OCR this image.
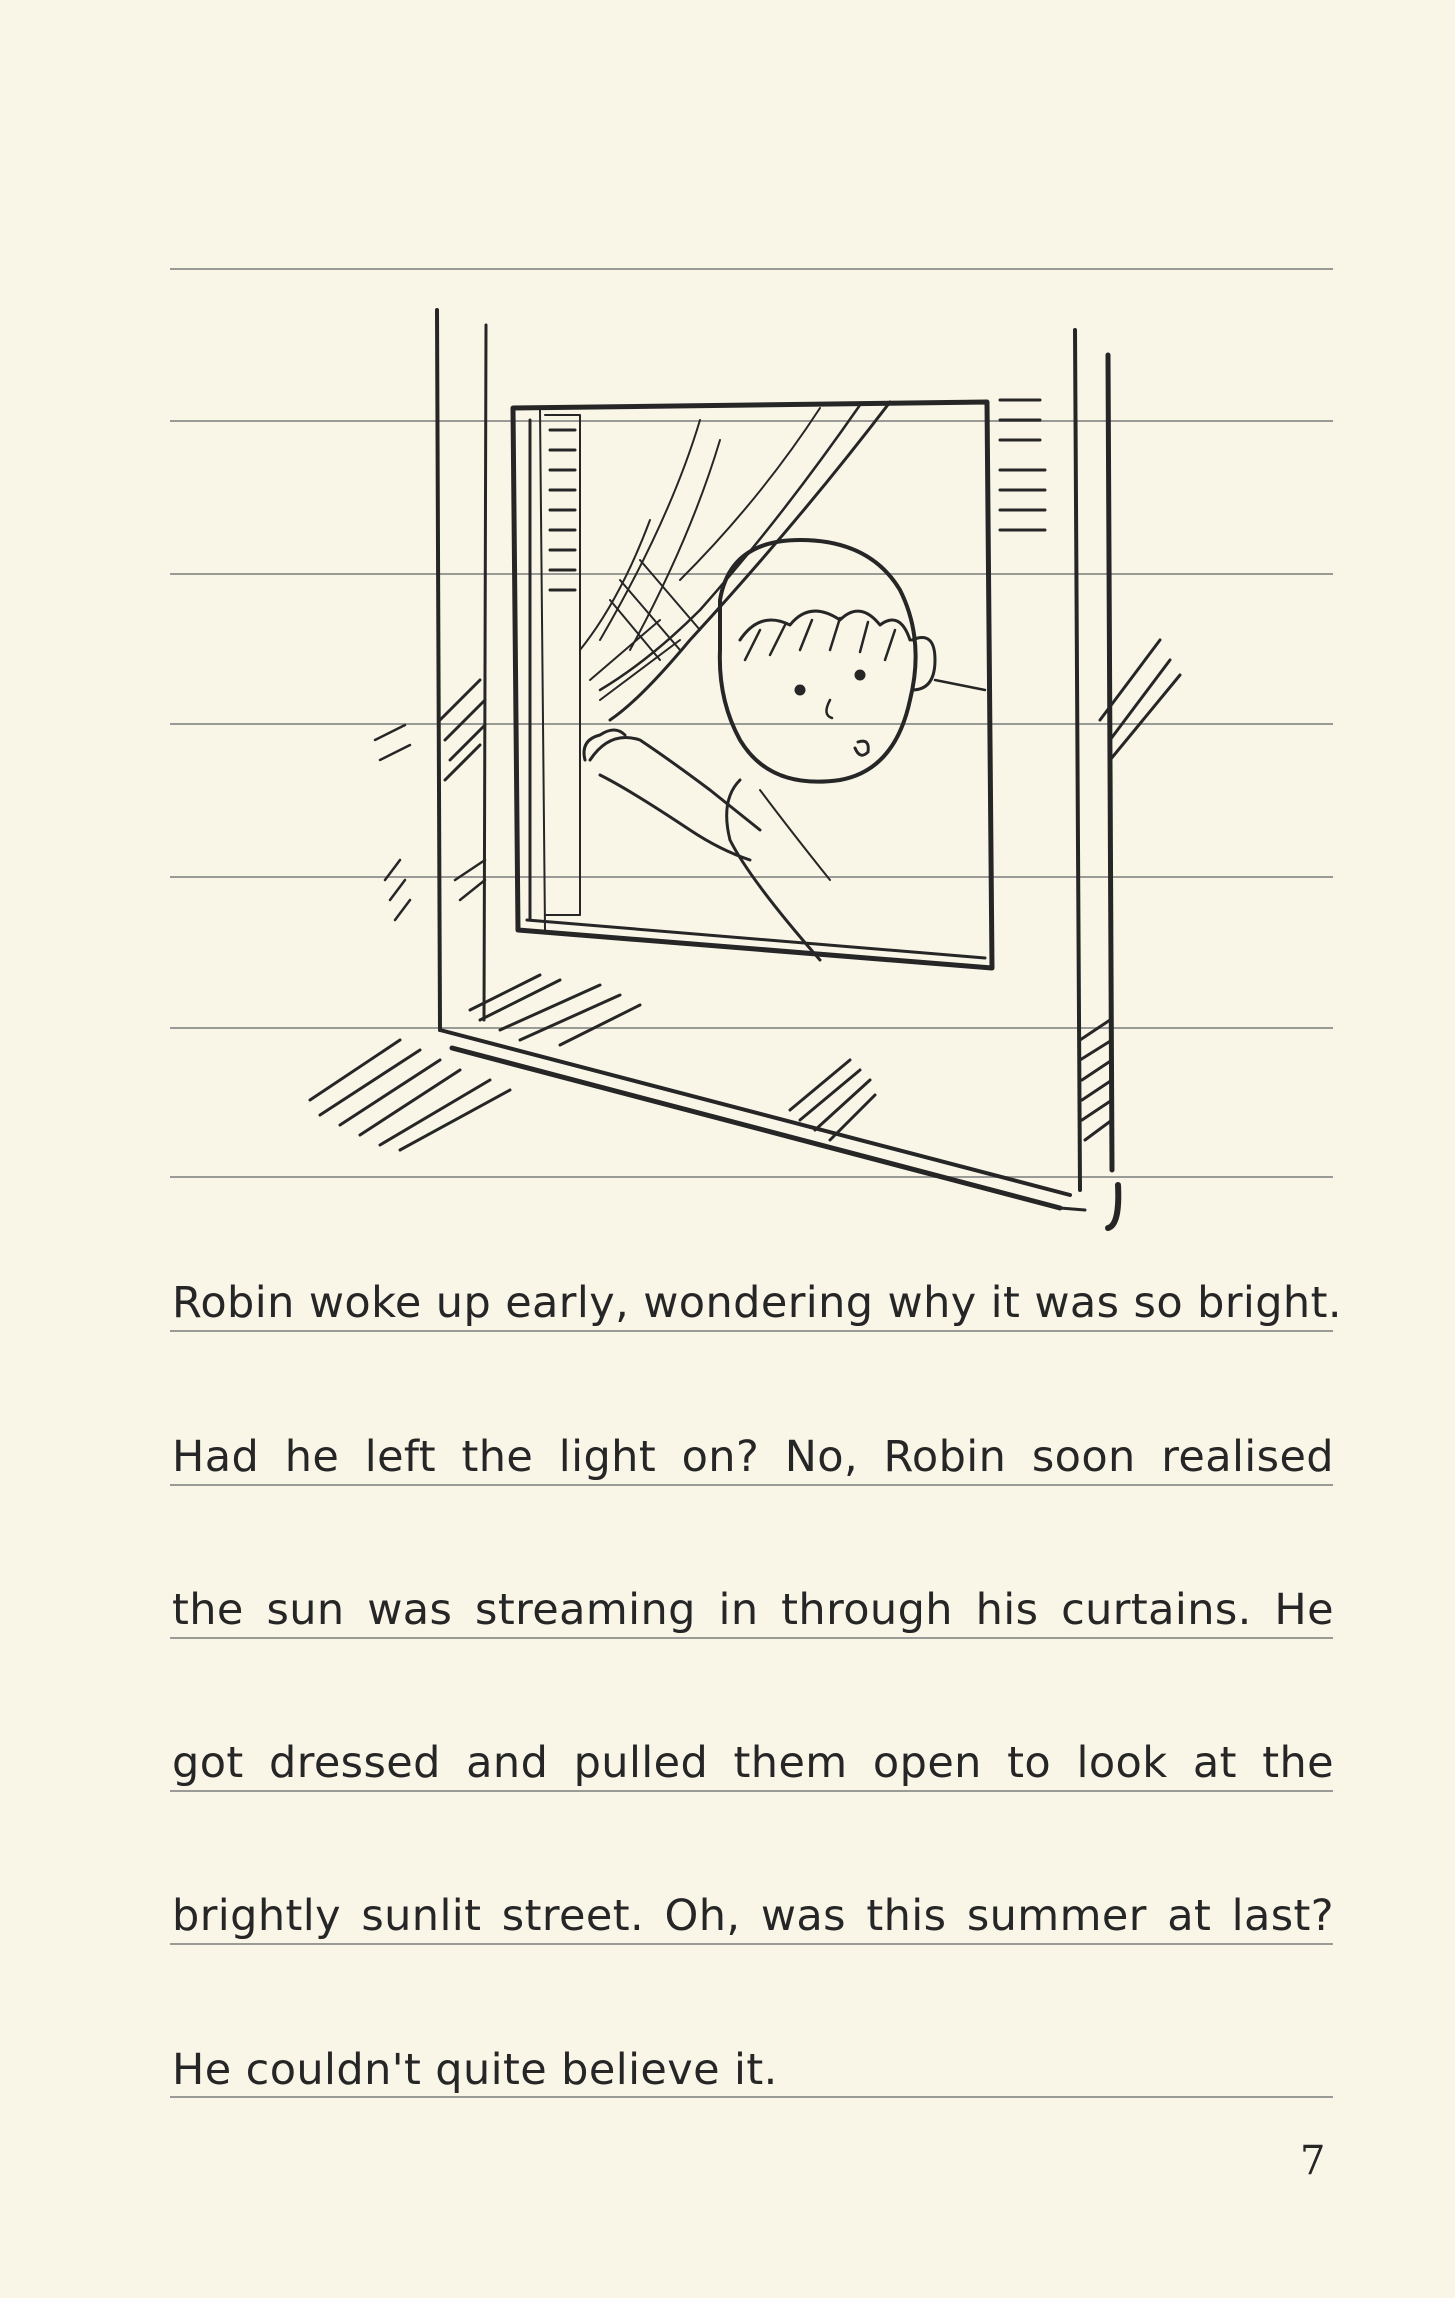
Robin woke up early, wondering why it was so bright.
Had he left the light on? No, Robin soon realised
the sun was streaming in through his curtains. He
got dressed and pulled them open to look at the
brightly sunlit street. Oh, was this summer at last?
He couldn't quite believe it.
7
